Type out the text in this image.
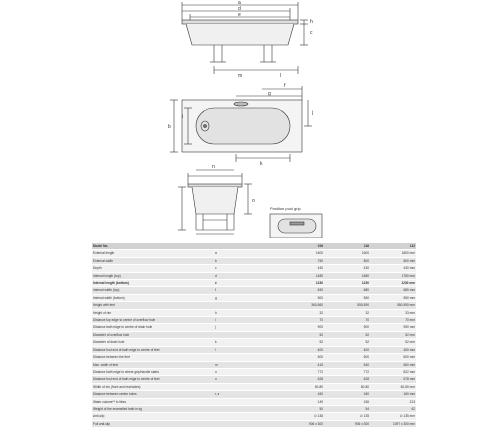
a
d
e
c
h
m	l
f
g
b
i
j
k
n
o
Position pool grip
Model No.		106	116	112
External length	a	1600	1600	1800 mm
External width	b	750	800	800 mm
Depth	c	430	430	430 mm
Internal length (top)	d	1480	1680	1780 mm
Internal length (bottom)	e	1230	1230	1230 mm
Internal width (top)	f	630	680	680 mm
Internal width (bottom)	g	500	550	550 mm
Height with feet		360-560	550-590	550-590 mm
Height of rim	h	32	32	33 mm
Distance top edge to centre of overflow hole	i	70	70	70 mm
Distance bath edge to centre of drain hole	j	900	900	950 mm
Diameter of overflow hole		52	52	52 mm
Diameter of drain hole	k	52	52	52 mm
Distance foot end of bath edge to centre of feet	l	400	400	400 mm
Distance between the feet		600	600	600 mm
Max. width of feet	m	415	540	660 mm
Distance bath edge to where grip/handle starts	n	772	772	822 mm
Distance foot end of bath edge to centre of feet	o	628	628	678 mm
Width of rim (front and rear/sides)		60-80	60-80	60-80 mm
Distance between centre holes	r, s	160	160	160 mm
Water volume** in litres		149	156	213
Weight of the enamelled bath in kg		50	54	62
Anti-slip		∅ 135	∅ 135	∅ 135 mm
Full anti-slip		906 x 300	906 x 300	1097 x 300 mm
